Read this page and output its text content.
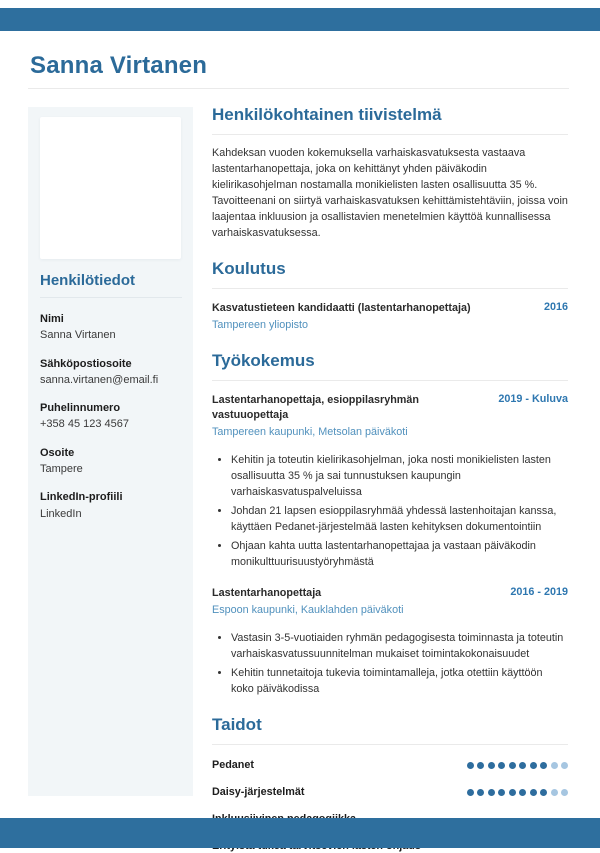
Sanna Virtanen
Henkilötiedot
Nimi
Sanna Virtanen
Sähköpostiosoite
sanna.virtanen@email.fi
Puhelinnumero
+358 45 123 4567
Osoite
Tampere
LinkedIn-profiili
LinkedIn
Henkilökohtainen tiivistelmä

Kahdeksan vuoden kokemuksella varhaiskasvatuksesta vastaava lastentarhanopettaja, joka on kehittänyt yhden päiväkodin kielirikasohjelman nostamalla monikielisten lasten osallisuutta 35 %. Tavoitteenani on siirtyä varhaiskasvatuksen kehittämistehtäviin, joissa voin laajentaa inkluusion ja osallistavien menetelmien käyttöä kunnallisessa varhaiskasvatuksessa.

Koulutus
Kasvatustieteen kandidaatti (lastentarhanopettaja)	2016
Tampereen yliopisto
Työkokemus
Lastentarhanopettaja, esioppilasryhmän vastuuopettaja
2019 - Kuluva
Tampereen kaupunki, Metsolan päiväkoti
• Kehitin ja toteutin kielirikasohjelman, joka nosti monikielisten lasten osallisuutta 35 % ja sai tunnustuksen kaupungin varhaiskasvatuspalveluissa
• Johdan 21 lapsen esioppilasryhmää yhdessä lastenhoitajan kanssa, käyttäen Pedanet-järjestelmää lasten kehityksen dokumentointiin
• Ohjaan kahta uutta lastentarhanopettajaa ja vastaan päiväkodin monikulttuurisuustyöryhmästä
Lastentarhanopettaja	2016 - 2019
Espoon kaupunki, Kauklahden päiväkoti
• Vastasin 3-5-vuotiaiden ryhmän pedagogisesta toiminnasta ja toteutin varhaiskasvatussuunnitelman mukaiset toimintakokonaisuudet
• Kehitin tunnetaitoja tukevia toimintamalleja, jotka otettiin käyttöön koko päiväkodissa
Taidot
Pedanet
Daisy-järjestelmät
